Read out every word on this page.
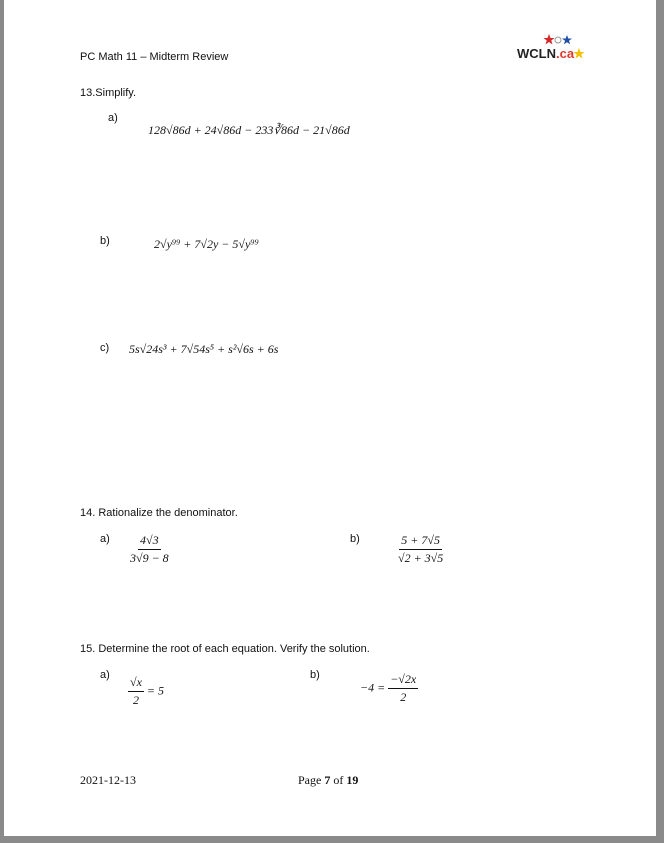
PC Math 11 – Midterm Review	WCLN.ca
13.Simplify.
a)
128√86d + 24√86d − 233∛86d − 21√86d
b)	2√y⁹⁹ + 7√2y − 5√y⁹⁹
c) 5s√24s³ + 7√54s⁵ + s²√6s + 6s
14. Rationalize the denominator.
$a) \frac{4√3}{3√9 - 8}$	b)	$\frac{5 + 7√5}{√2 + 3√5}$
15. Determine the root of each equation. Verify the solution.
$a) \frac{√x}{2} = 5$
b)
$-4 = \frac{-√2x}{2}$
2021-12-13	Page 7 of 19
